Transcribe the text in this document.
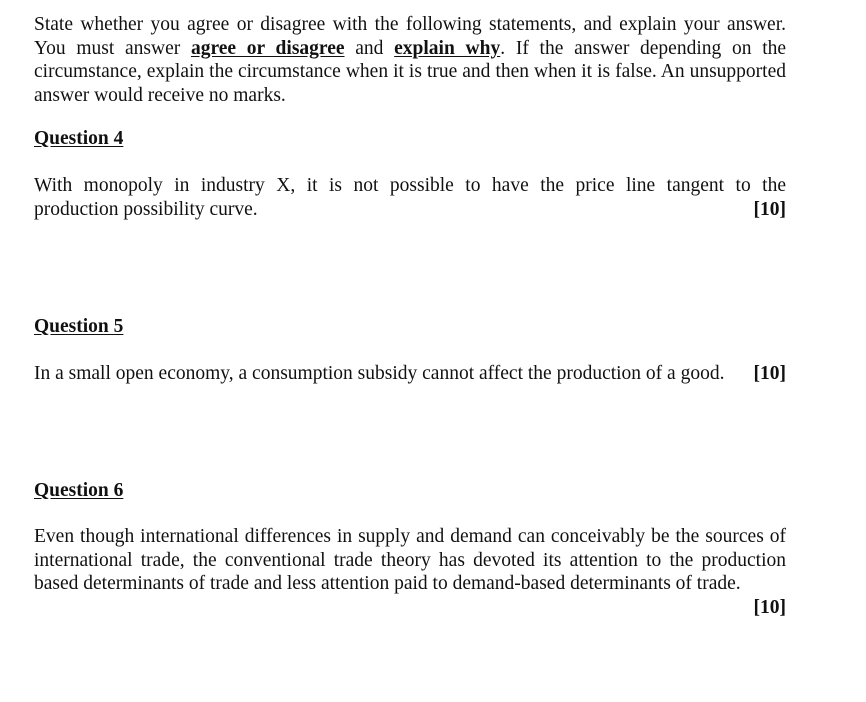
State whether you agree or disagree with the following statements, and explain your answer. You must answer agree or disagree and explain why. If the answer depending on the circumstance, explain the circumstance when it is true and then when it is false. An unsupported answer would receive no marks.
Question 4
With monopoly in industry X, it is not possible to have the price line tangent to the
production possibility curve.	[10]
Question 5
In a small open economy, a consumption subsidy cannot affect the production of a good. [10]
Question 6
Even though international differences in supply and demand can conceivably be the sources of international trade, the conventional trade theory has devoted its attention to the production based determinants of trade and less attention paid to demand-based determinants of trade.
[10]
